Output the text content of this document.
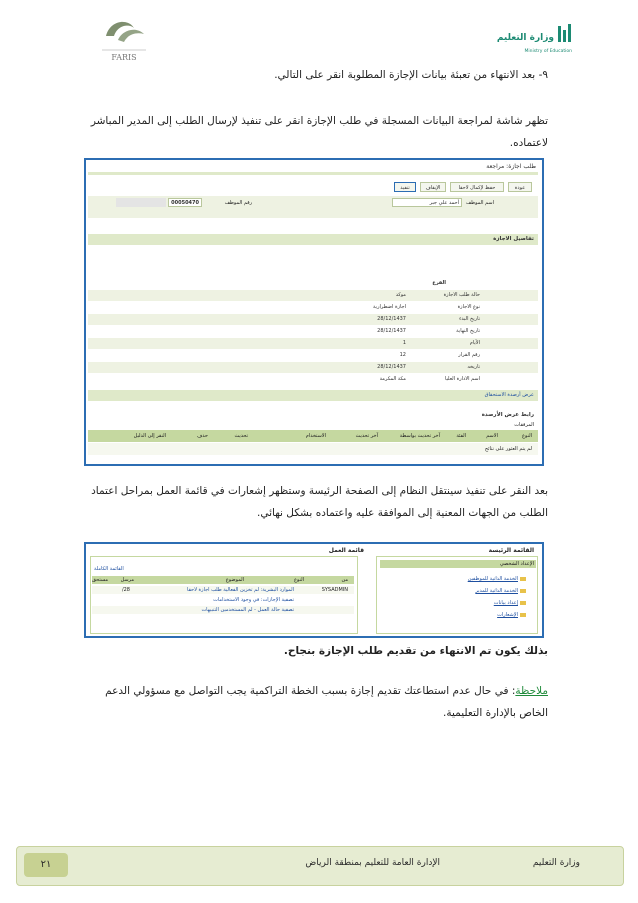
FARIS
وزارة التعليم
Ministry of Education
٩- بعد الانتهاء من تعبئة بيانات الإجازة المطلوبة انقر على التالي.
تظهر شاشة لمراجعة البيانات المسجلة في طلب الإجازة انقر على تنفيذ لإرسال الطلب إلى المدير المباشر لاعتماده.
طلب اجازة: مراجعة
عودة
حفظ لإكمال لاحقا
الإيقاف
تنفيذ
اسم الموظف
أحمد علي جبر
رقم الموظف
00050470
تفاصيل الاجازة
الفرع
حالة طلب الاجازة
موكد
نوع الاجازة
اجازة اضطرارية
تاريخ البدء
28/12/1437
تاريخ النهاية
28/12/1437
الأيام
1
رقم القرار
12
تاريخه
28/12/1437
اسم الادارة العليا
مكة المكرمة
عرض أرصدة الاستحقاق
رابط عرض الأرصدة
المرفقات
النوع
الاسم
الفئة
آخر تحديث بواسطة
آخر تحديث
الاستخدام
تحديث
حذف
النقر إلى الدليل
لم يتم العثور على نتائج
بعد النقر على تنفيذ سينتقل النظام إلى الصفحة الرئيسة وستظهر إشعارات في قائمة العمل بمراحل اعتماد الطلب من الجهات المعنية إلى الموافقة عليه واعتماده بشكل نهائي.
القائمة الرئيسة
الإعداد الشخصي
الخدمة الذاتية للموظفين
الخدمة الذاتية للمدير
إعداد بيانات
الإشعارات
قائمة العمل
القائمة الكاملة
من
النوع
الموضوع
مرسل
مستحق
SYSADMIN
الموارد البشرية: لم تخزين الفعالية طلب اجازة لاحقا
28/
تصفية الإجازات: في وجود الاستخدامات
تصفية حالة العمل - لم المستخدمين التنبيهات
بذلك يكون تم الانتهاء من تقديم طلب الإجازة بنجاح.
ملاحظة: في حال عدم استطاعتك تقديم إجازة بسبب الخطة التراكمية يجب التواصل مع مسؤولي الدعم الخاص بالإدارة التعليمية.
٢١	الإدارة العامة للتعليم بمنطقة الرياض	وزارة التعليم
